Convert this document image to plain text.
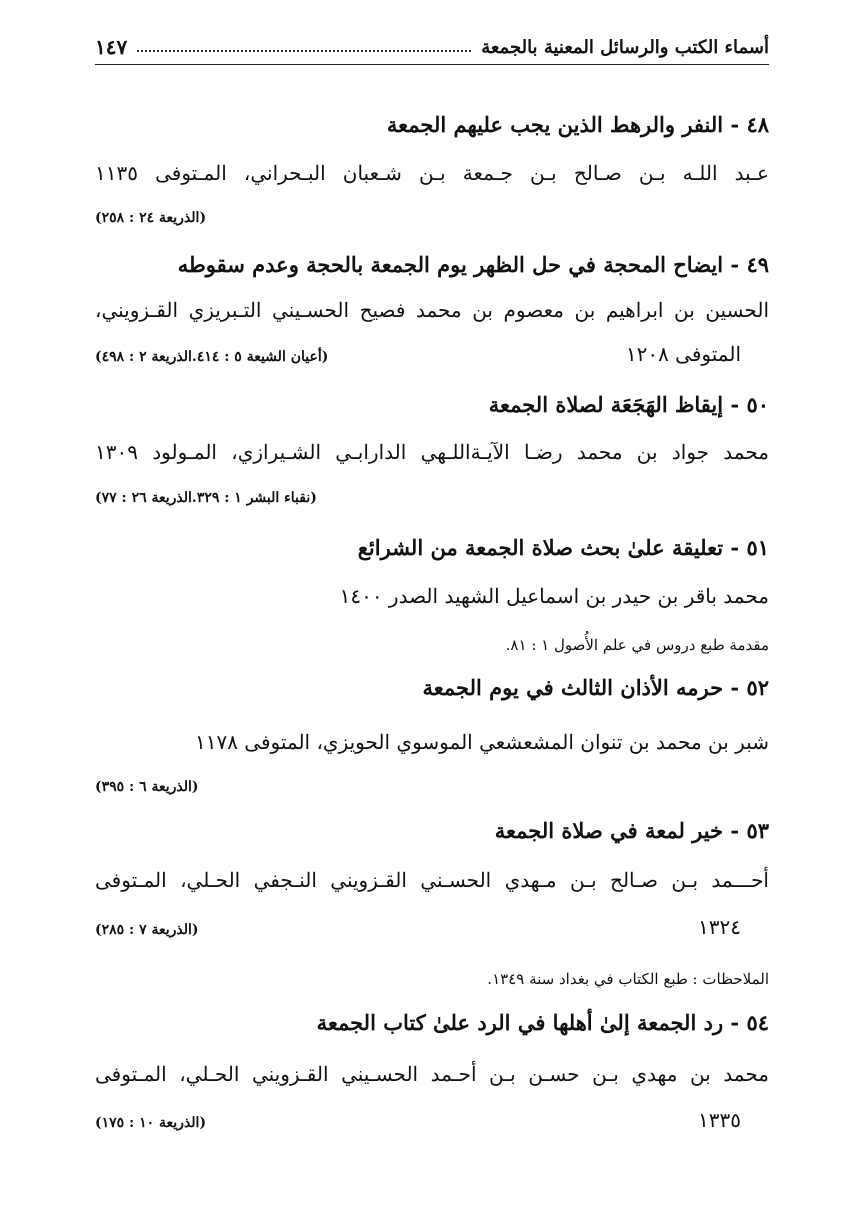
أسماء الكتب والرسائل المعنية بالجمعة
١٤٧
٤٨ - النفر والرهط الذين يجب عليهم الجمعة
عـبد اللـه بـن صـالح بـن جـمعة بـن شـعبان البـحراني، المـتوفى ١١٣٥
(الذريعة ٢٤ : ٢٥٨)
٤٩ - ايضاح المحجة في حل الظهر يوم الجمعة بالحجة وعدم سقوطه
الحسين بن ابراهيم بن معصوم بن محمد فصيح الحسـيني التـبريزي القـزويني،
المتوفى ١٢٠٨
(أعيان الشيعة ٥ : ٤١٤.الذريعة ٢ : ٤٩٨)
٥٠ - إيقاظ الهَجَعَة لصلاة الجمعة
محمد جواد بن محمد رضـا الآيـةاللـهي الدارابـي الشـيرازي، المـولود ١٣٠٩
(نقباء البشر ١ : ٣٢٩.الذريعة ٢٦ : ٧٧)
٥١ - تعليقة علىٰ بحث صلاة الجمعة من الشرائع
محمد باقر بن حيدر بن اسماعيل الشهيد الصدر ١٤٠٠
مقدمة طبع دروس في علم الأُصول ١ : ٨١.
٥٢ - حرمه الأذان الثالث في يوم الجمعة
شبر بن محمد بن تنوان المشعشعي الموسوي الحويزي، المتوفى ١١٧٨
(الذريعة ٦ : ٣٩٥)
٥٣ - خير لمعة في صلاة الجمعة
أحـــمد بـن صـالح بـن مـهدي الحسـني القـزويني النـجفي الحـلي، المـتوفى
١٣٢٤
(الذريعة ٧ : ٢٨٥)
الملاحظات : طبع الكتاب في بغداد سنة ١٣٤٩.
٥٤ - رد الجمعة إلىٰ أهلها في الرد علىٰ كتاب الجمعة
محمد بن مهدي بـن حسـن بـن أحـمد الحسـيني القـزويني الحـلي، المـتوفى
١٣٣٥
(الذريعة ١٠ : ١٧٥)
